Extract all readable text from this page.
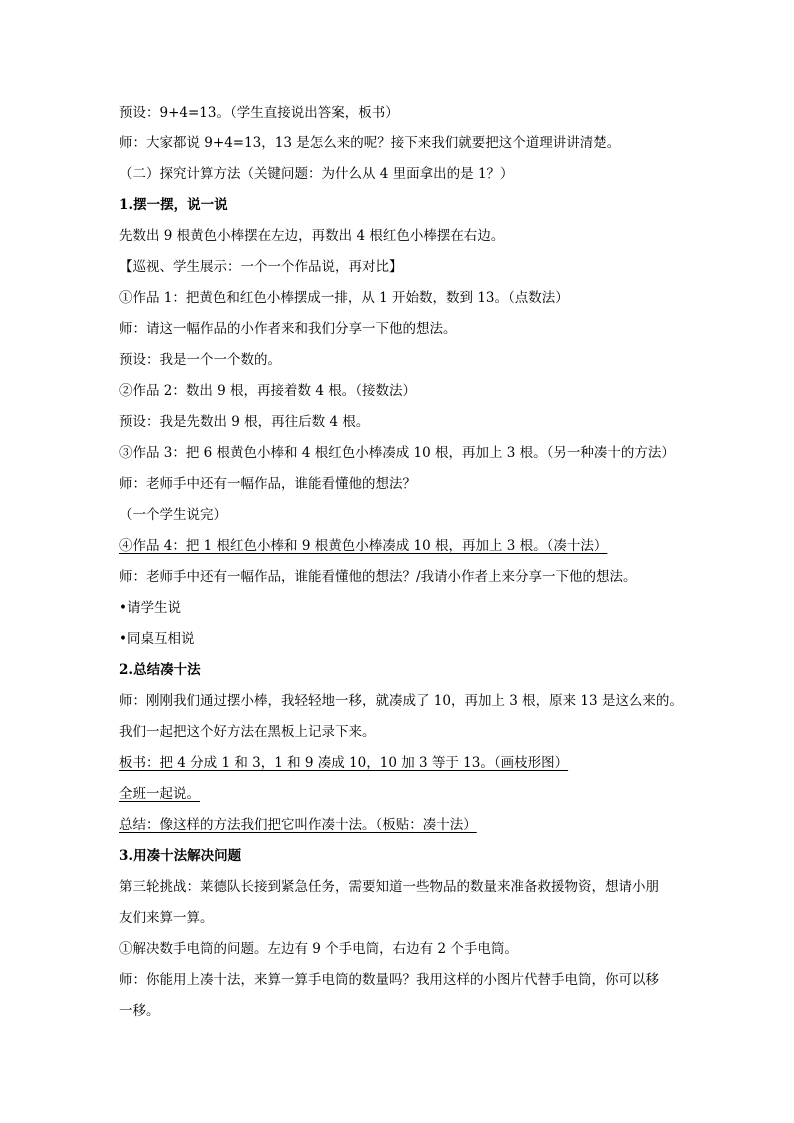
预设：9+4=13。（学生直接说出答案，板书）
师：大家都说 9+4=13，13 是怎么来的呢？接下来我们就要把这个道理讲讲清楚。
（二）探究计算方法（关键问题：为什么从 4 里面拿出的是 1？）
1.摆一摆，说一说
先数出 9 根黄色小棒摆在左边，再数出 4 根红色小棒摆在右边。
【巡视、学生展示：一个一个作品说，再对比】
①作品 1：把黄色和红色小棒摆成一排，从 1 开始数，数到 13。（点数法）
师：请这一幅作品的小作者来和我们分享一下他的想法。
预设：我是一个一个数的。
②作品 2：数出 9 根，再接着数 4 根。（接数法）
预设：我是先数出 9 根，再往后数 4 根。
③作品 3：把 6 根黄色小棒和 4 根红色小棒凑成 10 根，再加上 3 根。（另一种凑十的方法）
师：老师手中还有一幅作品，谁能看懂他的想法？
（一个学生说完）
④作品 4：把 1 根红色小棒和 9 根黄色小棒凑成 10 根，再加上 3 根。（凑十法）
师：老师手中还有一幅作品，谁能看懂他的想法？/我请小作者上来分享一下他的想法。
•请学生说
•同桌互相说
2.总结凑十法
师：刚刚我们通过摆小棒，我轻轻地一移，就凑成了 10，再加上 3 根，原来 13 是这么来的。
我们一起把这个好方法在黑板上记录下来。
板书：把 4 分成 1 和 3，1 和 9 凑成 10，10 加 3 等于 13。（画枝形图）
全班一起说。
总结：像这样的方法我们把它叫作凑十法。（板贴：凑十法）
3.用凑十法解决问题
第三轮挑战：莱德队长接到紧急任务，需要知道一些物品的数量来准备救援物资，想请小朋
友们来算一算。
①解决数手电筒的问题。左边有 9 个手电筒，右边有 2 个手电筒。
师：你能用上凑十法，来算一算手电筒的数量吗？我用这样的小图片代替手电筒，你可以移
一移。
